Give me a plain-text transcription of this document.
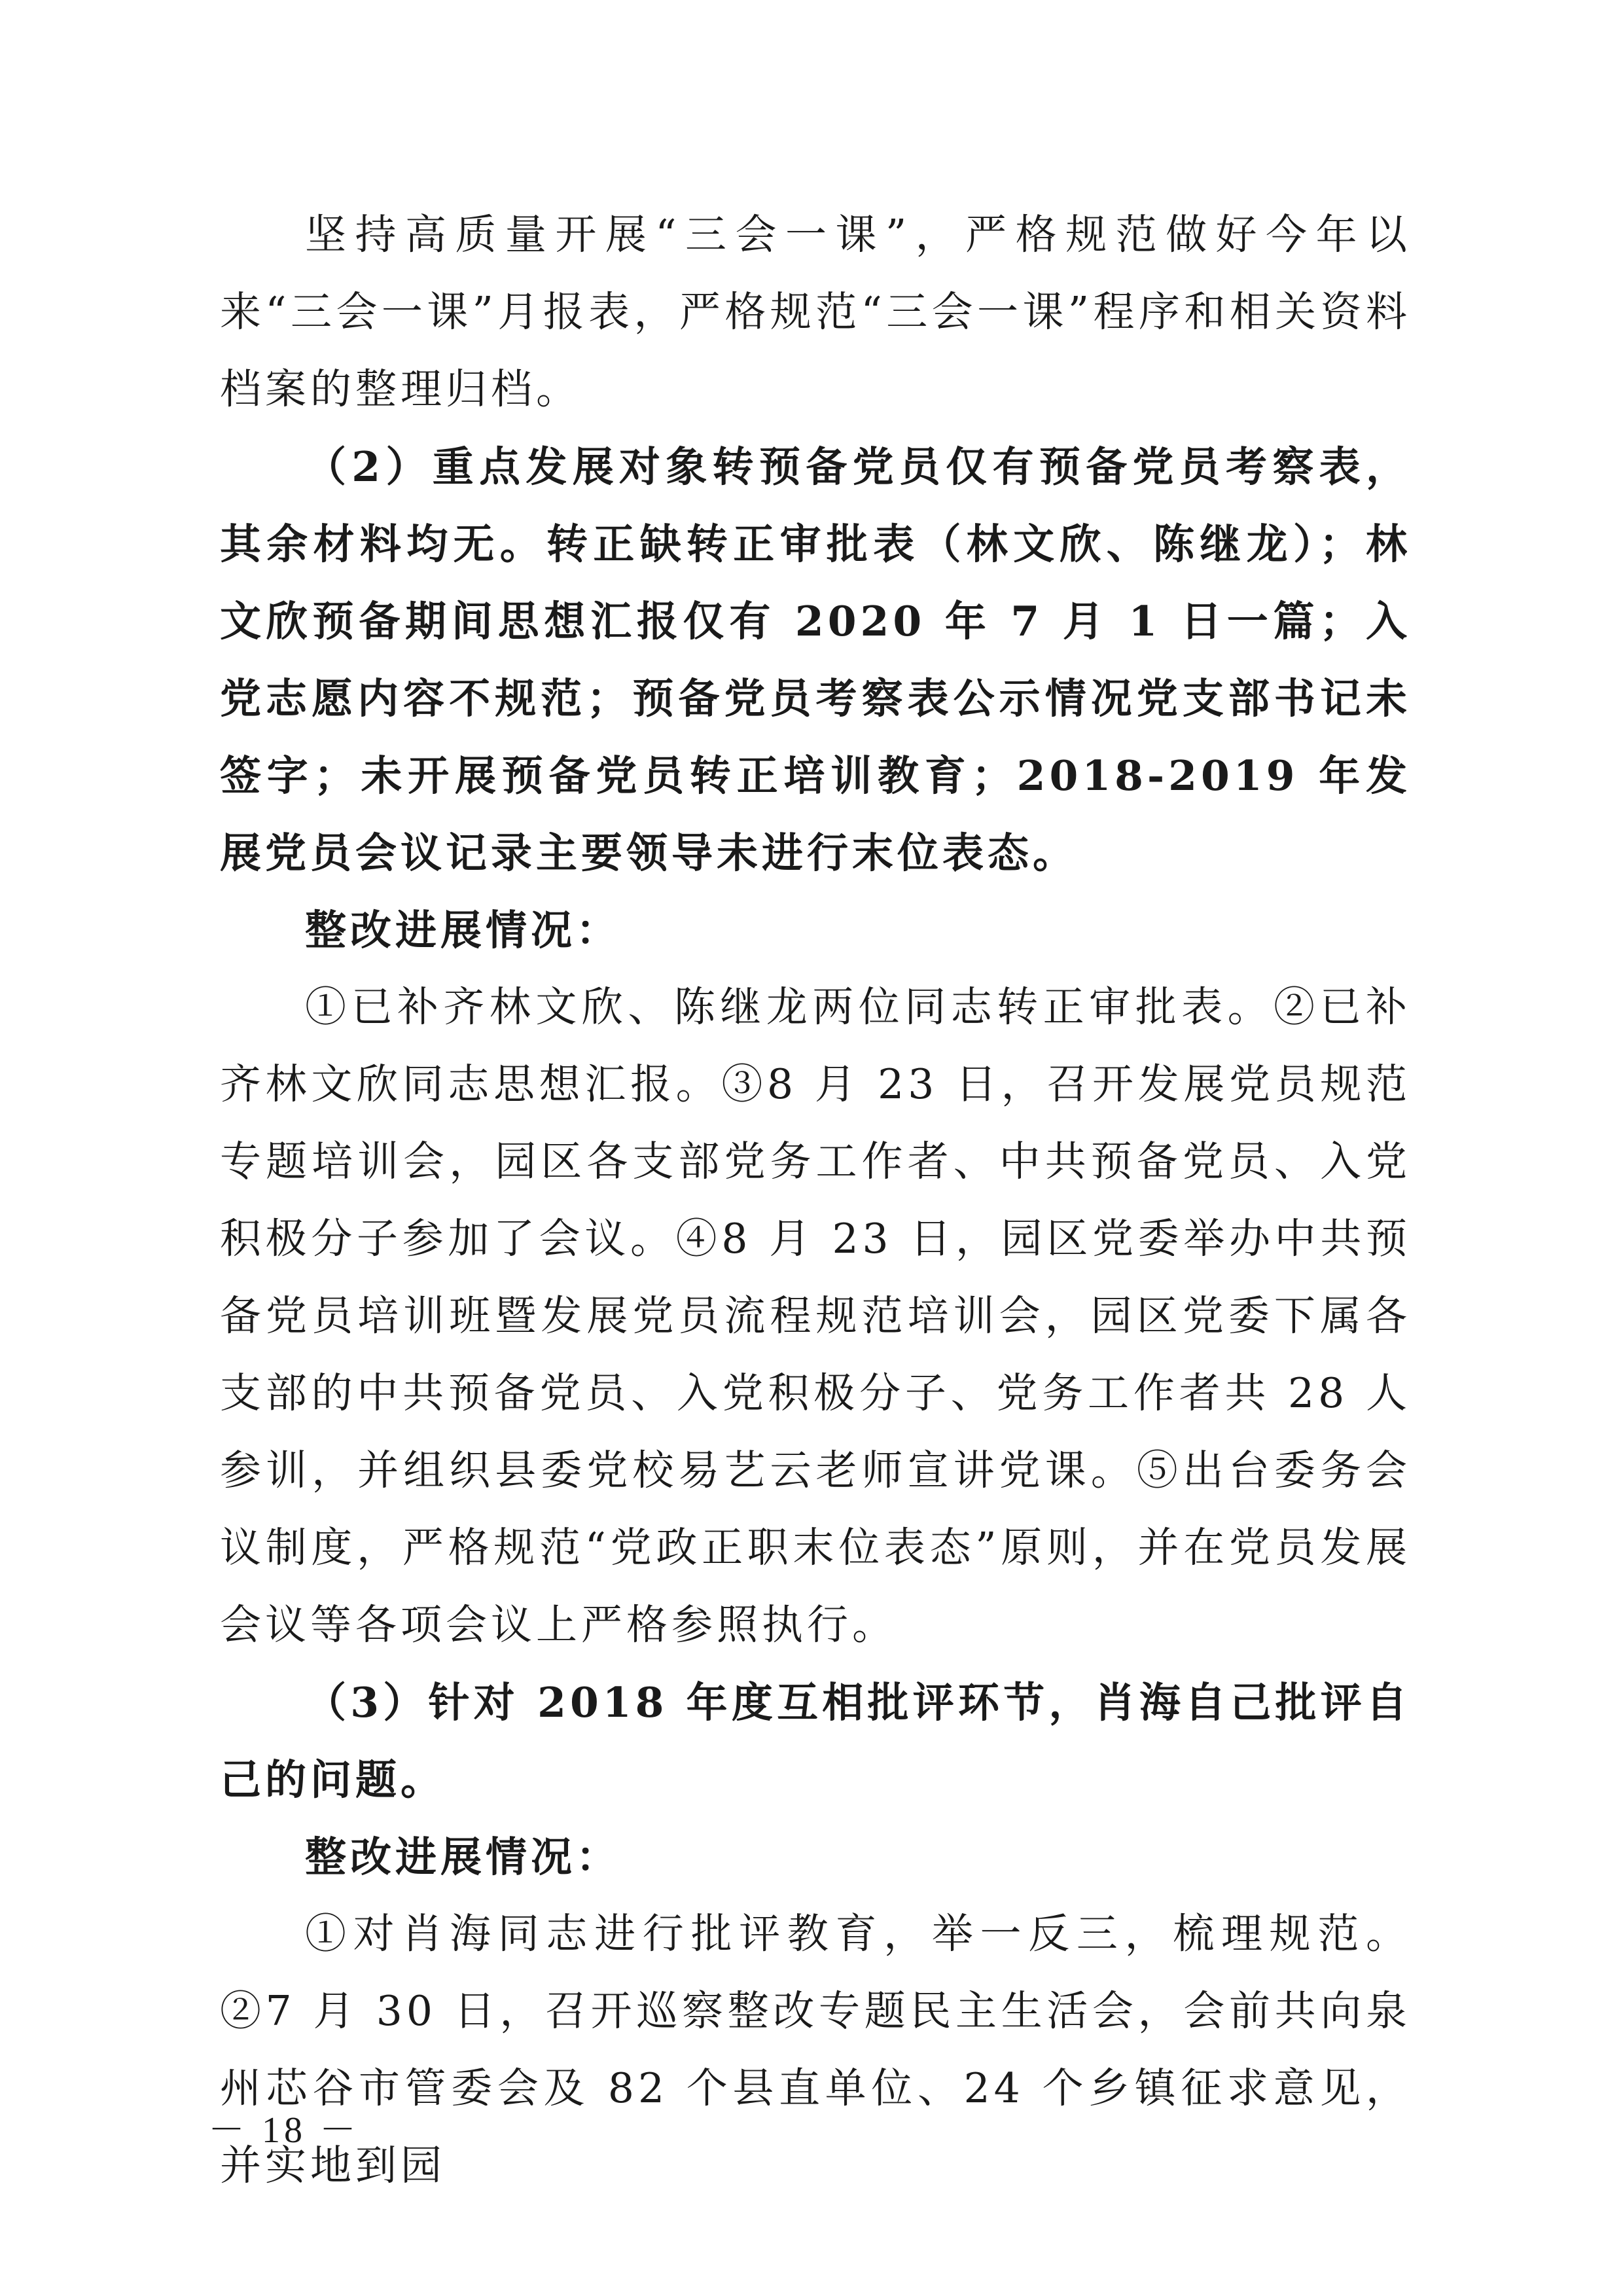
坚持高质量开展“三会一课”，严格规范做好今年以来“三会一课”月报表，严格规范“三会一课”程序和相关资料档案的整理归档。

（2）重点发展对象转预备党员仅有预备党员考察表，其余材料均无。转正缺转正审批表（林文欣、陈继龙）；林文欣预备期间思想汇报仅有 2020 年 7 月 1 日一篇；入党志愿内容不规范；预备党员考察表公示情况党支部书记未签字；未开展预备党员转正培训教育；2018-2019 年发展党员会议记录主要领导未进行末位表态。

整改进展情况：

①已补齐林文欣、陈继龙两位同志转正审批表。②已补齐林文欣同志思想汇报。③8 月 23 日，召开发展党员规范专题培训会，园区各支部党务工作者、中共预备党员、入党积极分子参加了会议。④8 月 23 日，园区党委举办中共预备党员培训班暨发展党员流程规范培训会，园区党委下属各支部的中共预备党员、入党积极分子、党务工作者共 28 人参训，并组织县委党校易艺云老师宣讲党课。⑤出台委务会议制度，严格规范“党政正职末位表态”原则，并在党员发展会议等各项会议上严格参照执行。

（3）针对 2018 年度互相批评环节，肖海自己批评自己的问题。

整改进展情况：

①对肖海同志进行批评教育，举一反三，梳理规范。②7 月 30 日，召开巡察整改专题民主生活会，会前共向泉州芯谷市管委会及 82 个县直单位、24 个乡镇征求意见，并实地到园

－ 18 －
